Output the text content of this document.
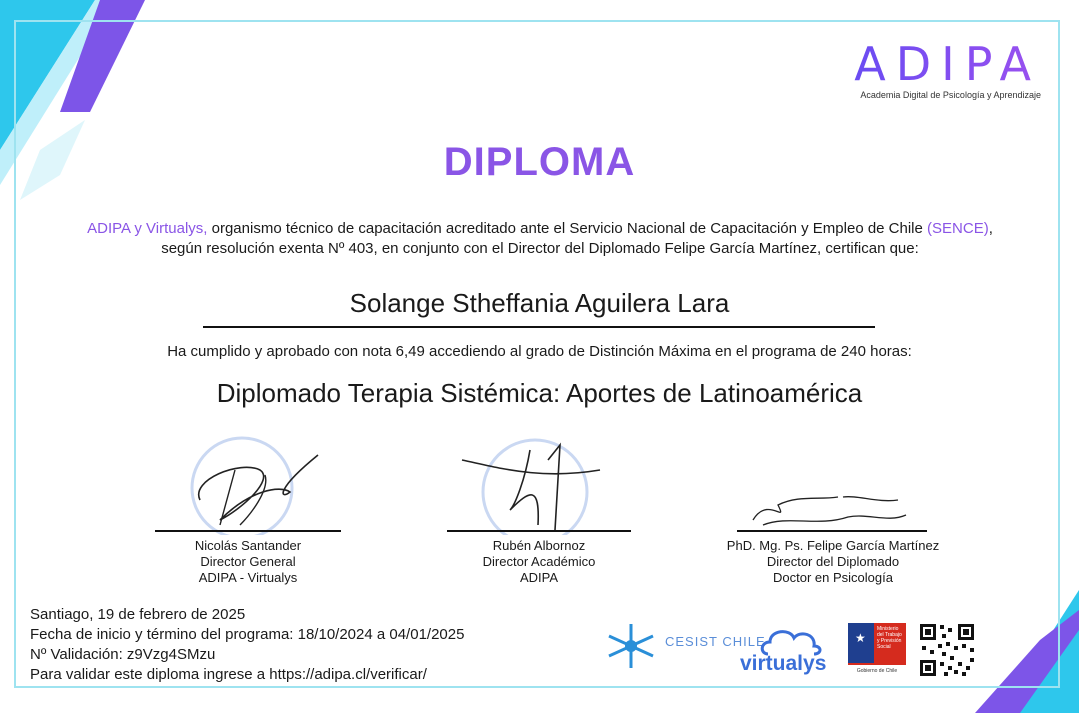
ADIPA
Academia Digital de Psicología y Aprendizaje
DIPLOMA
ADIPA y Virtualys, organismo técnico de capacitación acreditado ante el Servicio Nacional de Capacitación y Empleo de Chile (SENCE), según resolución exenta Nº 403, en conjunto con el Director del Diplomado Felipe García Martínez, certifican que:
Solange Stheffania Aguilera Lara
Ha cumplido y aprobado con nota 6,49 accediendo al grado de Distinción Máxima en el programa de 240 horas:
Diplomado Terapia Sistémica: Aportes de Latinoamérica
Nicolás Santander
Director General
ADIPA - Virtualys
Rubén Albornoz
Director Académico
ADIPA
PhD. Mg. Ps. Felipe García Martínez
Director del Diplomado
Doctor en Psicología
Santiago, 19 de febrero de 2025
Fecha de inicio y término del programa: 18/10/2024 a 04/01/2025
Nº Validación: z9Vzg4SMzu
Para validar este diploma ingrese a https://adipa.cl/verificar/
CESIST CHILE
virtualys
★
Ministerio del Trabajo y Previsión Social
Gobierno de Chile
